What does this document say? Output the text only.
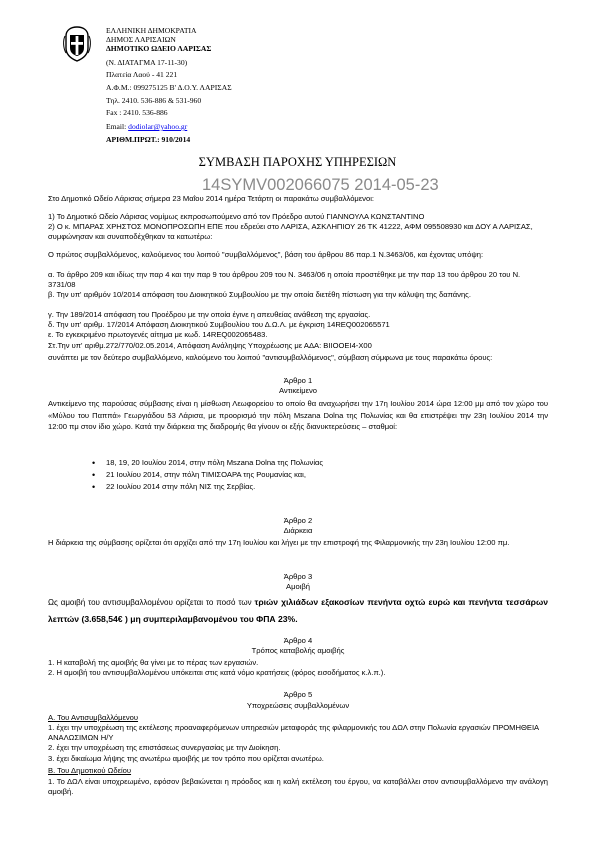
ΕΛΛΗΝΙΚΗ ΔΗΜΟΚΡΑΤΙΑ
ΔΗΜΟΣ ΛΑΡΙΣΑΙΩΝ
ΔΗΜΟΤΙΚΟ ΩΔΕΙΟ ΛΑΡΙΣΑΣ
(Ν. ΔΙΑΤΑΓΜΑ 17-11-30)
Πλατεία Λαού - 41 221
Α.Φ.Μ.: 099275125 Β' Δ.Ο.Υ. ΛΑΡΙΣΑΣ
Τηλ. 2410. 536-886 & 531-960
Fax : 2410. 536-886
Email: dodiolar@yahoo.gr
ΑΡΙΘΜ.ΠΡΩΤ.: 910/2014
ΣΥΜΒΑΣΗ ΠΑΡΟΧΗΣ ΥΠΗΡΕΣΙΩΝ
14SYMV002066075 2014-05-23
Στο Δημοτικό Ωδείο Λάρισας σήμερα 23 Μαΐου 2014 ημέρα Τετάρτη οι παρακάτω συμβαλλόμενοι:
1) Το Δημοτικό Ωδείο Λάρισας νομίμως εκπροσωπούμενο από τον Πρόεδρο αυτού ΓΙΑΝΝΟΥΛΑ ΚΩΝΣΤΑΝΤΙΝΟ
2) Ο κ. ΜΠΑΡΑΣ ΧΡΗΣΤΟΣ ΜΟΝΟΠΡΟΣΩΠΗ ΕΠΕ που εδρεύει στο ΛΑΡΙΣΑ, ΑΣΚΛΗΠΙΟΥ 26 ΤΚ 41222, ΑΦΜ 095508930 και ΔΟΥ Α ΛΑΡΙΣΑΣ, συμφώνησαν και συναποδέχθηκαν τα κατωτέρω:
Ο πρώτος συμβαλλόμενος, καλούμενος του λοιπού "συμβαλλόμενος", βάση του άρθρου 86 παρ.1 Ν.3463/06, και έχοντας υπόψη:
α. Το άρθρο 209 και ιδίως την παρ 4 και την παρ 9 του άρθρου 209 του Ν. 3463/06 η οποία προστέθηκε με την παρ 13 του άρθρου 20 του Ν. 3731/08
β. Την υπ' αριθμόν 10/2014 απόφαση του Διοικητικού Συμβουλίου με την οποία διετέθη πίστωση για την κάλυψη της δαπάνης.
γ. Την 189/2014 απόφαση του Προέδρου με την οποία έγινε η απευθείας ανάθεση της εργασίας.
δ. Την υπ' αριθμ. 17/2014 Απόφαση Διοικητικού Συμβουλίου του Δ.Ω.Λ. με έγκριση 14REQ002065571
ε. Το εγκεκριμένο πρωτογενές αίτημα με κωδ. 14REQ002065483.
Στ.Την υπ' αριθμ.272/770/02.05.2014, Απόφαση Ανάληψης Υποχρέωσης με ΑΔΑ: ΒΙΙΟΟΕΙ4-Χ00
συνάπτει με τον δεύτερο συμβαλλόμενο, καλούμενο του λοιπού "αντισυμβαλλόμενος", σύμβαση σύμφωνα με τους παρακάτω όρους:
Άρθρο 1
Αντικείμενο
Αντικείμενο της παρούσας σύμβασης είναι η μίσθωση Λεωφορείου το οποίο θα αναχωρήσει την 17η Ιουλίου 2014 ώρα 12:00 μμ από τον χώρο του «Μύλου του Παππά» Γεωργιάδου 53 Λάρισα, με προορισμό την πόλη Mszana Dolna της Πολωνίας και θα επιστρέψει την 23η Ιουλίου 2014 την 12:00 πμ στον ίδιο χώρο. Κατά την διάρκεια της διαδρομής θα γίνουν οι εξής διανυκτερεύσεις – σταθμοί:
• 18, 19, 20 Ιουλίου 2014, στην πόλη Mszana Dolna της Πολωνίας
• 21 Ιουλίου 2014, στην πόλη ΤΙΜΙΣΟΑΡΑ της Ρουμανίας και,
• 22 Ιουλίου 2014 στην πόλη ΝΙΣ της Σερβίας.
Άρθρο 2
Διάρκεια
Η διάρκεια της σύμβασης ορίζεται ότι αρχίζει από την 17η Ιουλίου και λήγει με την επιστροφή της Φιλαρμονικής την 23η Ιουλίου 12:00 πμ.
Άρθρο 3
Αμοιβή
Ως αμοιβή του αντισυμβαλλομένου ορίζεται το ποσό των τριών χιλιάδων εξακοσίων πενήντα οχτώ ευρώ και πενήντα τεσσάρων λεπτών (3.658,54€ ) μη συμπεριλαμβανομένου του ΦΠΑ 23%.
Άρθρο 4
Τρόπος καταβολής αμοιβής
1. Η καταβολή της αμοιβής θα γίνει με το πέρας των εργασιών.
2. Η αμοιβή του αντισυμβαλλομένου υπόκειται στις κατά νόμο κρατήσεις (φόρος εισοδήματος κ.λ.π.).
Άρθρο 5
Υποχρεώσεις συμβαλλομένων
Α. Του Αντισυμβαλλόμενου
1. έχει την υποχρέωση της εκτέλεσης προαναφερόμενων υπηρεσιών μεταφοράς της φιλαρμονικής του ΔΩΛ στην Πολωνία εργασιών ΠΡΟΜΗΘΕΙΑ ΑΝΑΛΩΣΙΜΩΝ Η/Υ
2. έχει την υποχρέωση της επιστάσεως συνεργασίας με την Διοίκηση.
3. έχει δικαίωμα λήψης της ανωτέρω αμοιβής με τον τρόπο που ορίζεται ανωτέρω.
Β. Του Δημοτικού Ωδείου
1. Το ΔΩΛ είναι υποχρεωμένο, εφόσον βεβαιώνεται η πρόοδος και η καλή εκτέλεση του έργου, να καταβάλλει στον αντισυμβαλλόμενο την ανάλογη αμοιβή.
